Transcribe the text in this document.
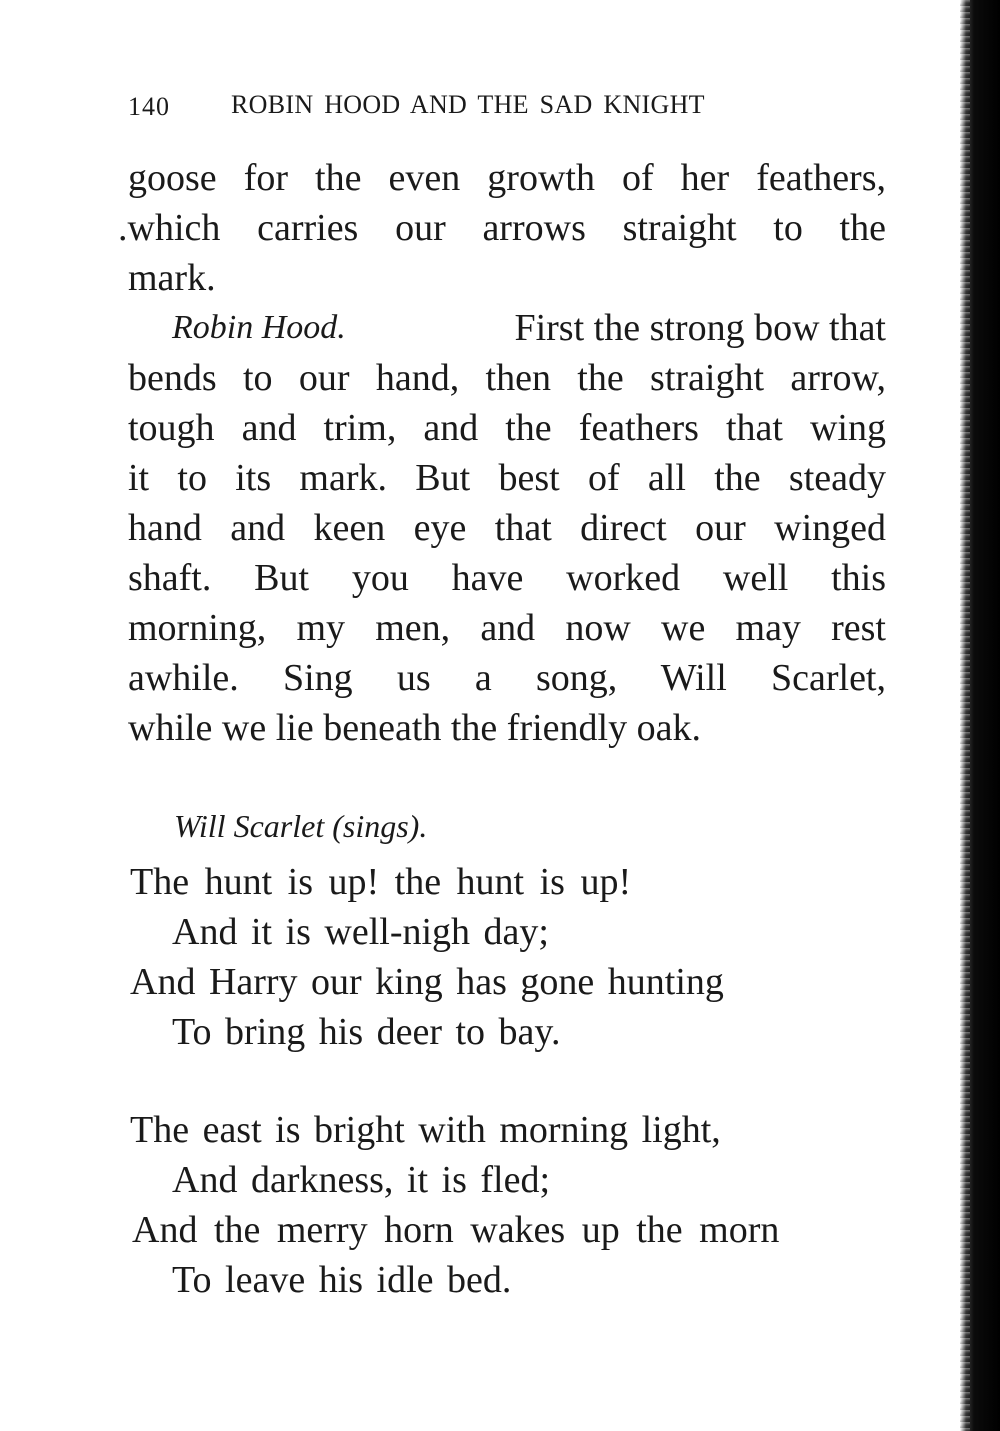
140 ROBIN HOOD AND THE SAD KNIGHT
goose for the even growth of her feathers,
.which carries our arrows straight to the
mark.
Robin Hood.	First the strong bow that
bends to our hand, then the straight arrow,
tough and trim, and the feathers that wing
it to its mark. But best of all the steady
hand and keen eye that direct our winged
shaft. But you have worked well this
morning, my men, and now we may rest
awhile. Sing us a song, Will Scarlet,
while we lie beneath the friendly oak.
Will Scarlet (sings).
The hunt is up! the hunt is up!
And it is well-nigh day;
And Harry our king has gone hunting
To bring his deer to bay.
The east is bright with morning light,
And darkness, it is fled;
And the merry horn wakes up the morn
To leave his idle bed.
